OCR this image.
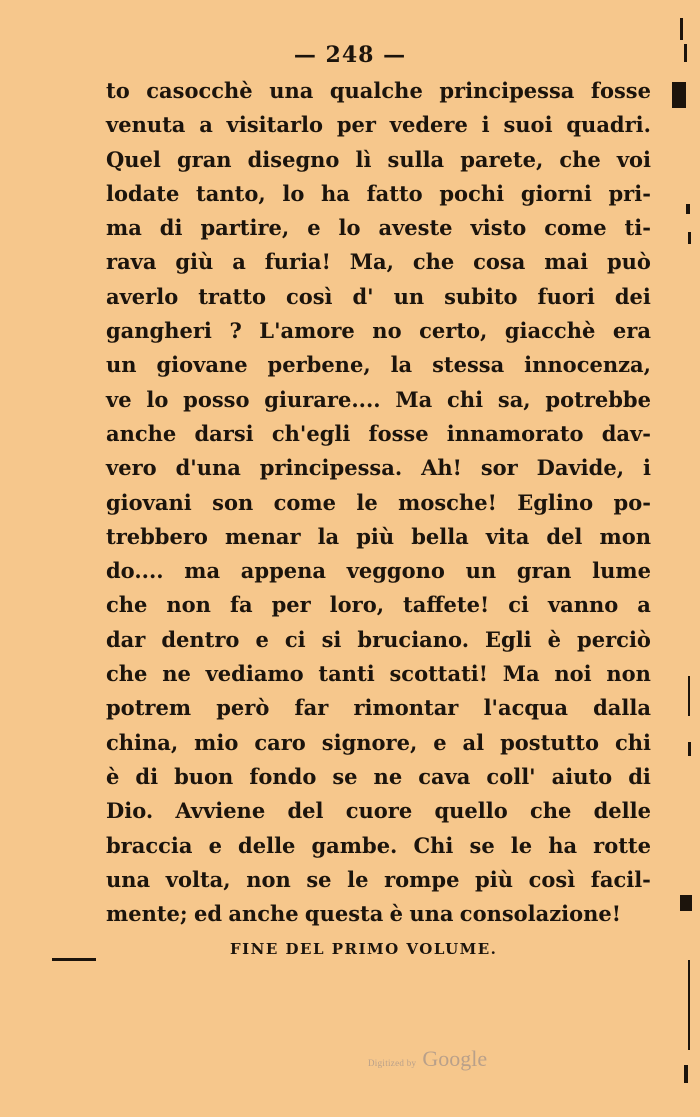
— 248 —
to casocchè una qualche principessa fosse
venuta a visitarlo per vedere i suoi quadri.
Quel gran disegno lì sulla parete, che voi
lodate tanto, lo ha fatto pochi giorni pri-
ma di partire, e lo aveste visto come ti-
rava giù a furia! Ma, che cosa mai può
averlo tratto così d' un subito fuori dei
gangheri ? L'amore no certo, giacchè era
un giovane perbene, la stessa innocenza,
ve lo posso giurare.... Ma chi sa, potrebbe
anche darsi ch'egli fosse innamorato dav-
vero d'una principessa. Ah! sor Davide, i
giovani son come le mosche! Eglino po-
trebbero menar la più bella vita del mon
do.... ma appena veggono un gran lume
che non fa per loro, taffete! ci vanno a
dar dentro e ci si bruciano. Egli è perciò
che ne vediamo tanti scottati! Ma noi non
potrem però far rimontar l'acqua dalla
china, mio caro signore, e al postutto chi
è di buon fondo se ne cava coll' aiuto di
Dio. Avviene del cuore quello che delle
braccia e delle gambe. Chi se le ha rotte
una volta, non se le rompe più così facil-
mente; ed anche questa è una consolazione!
FINE DEL PRIMO VOLUME.
Digitized by Google
